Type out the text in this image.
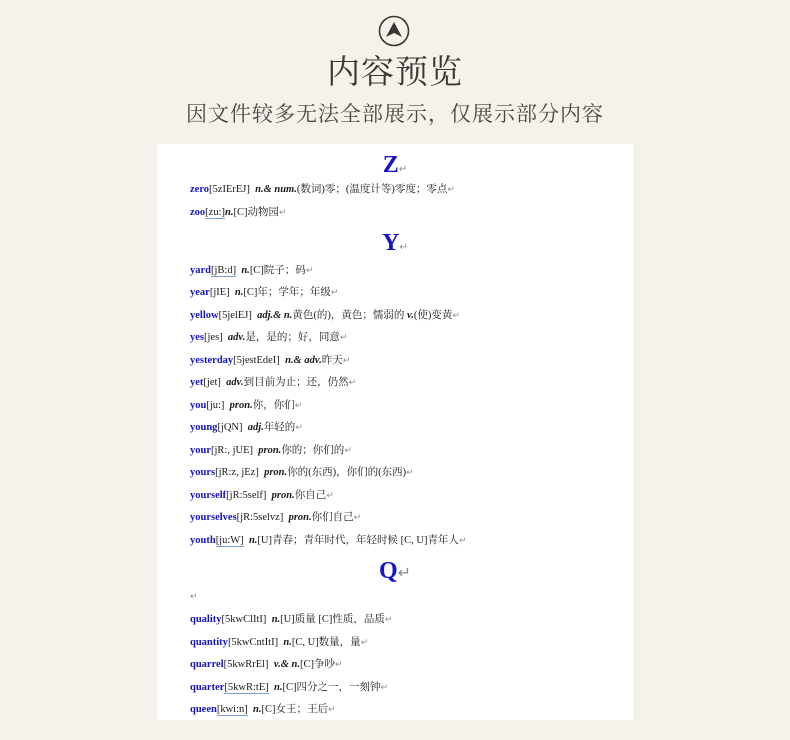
内容预览
因文件较多无法全部展示，仅展示部分内容
Z↵
zero[5zIErEJ] n.& num.(数词)零；(温度计等)零度；零点↵
zoo[zu:]n.[C]动物园↵
Y↵
yard[jB:d] n.[C]院子；码↵
year[jIE] n.[C]年；学年；年级↵
yellow[5jelEJ] adj.& n.黄色(的)，黄色；懦弱的 v.(使)变黄↵
yes[jes] adv.是，是的；好，同意↵
yesterday[5jestEdeI] n.& adv.昨天↵
yet[jet] adv.到目前为止；还，仍然↵
you[ju:] pron.你，你们↵
young[jQN] adj.年轻的↵
your[jR:, jUE] pron.你的；你们的↵
yours[jR:z, jEz] pron.你的(东西)，你们的(东西)↵
yourself[jR:5self] pron.你自己↵
yourselves[jR:5selvz] pron.你们自己↵
youth[ju:W] n.[U]青春；青年时代，年轻时候 [C, U]青年人↵
Q↵
↵
quality[5kwClItI] n.[U]质量 [C]性质，品质↵
quantity[5kwCntItI] n.[C, U]数量，量↵
quarrel[5kwRrEl] v.& n.[C]争吵↵
quarter[5kwR:tE] n.[C]四分之一，一刻钟↵
queen[kwi:n] n.[C]女王；王后↵
